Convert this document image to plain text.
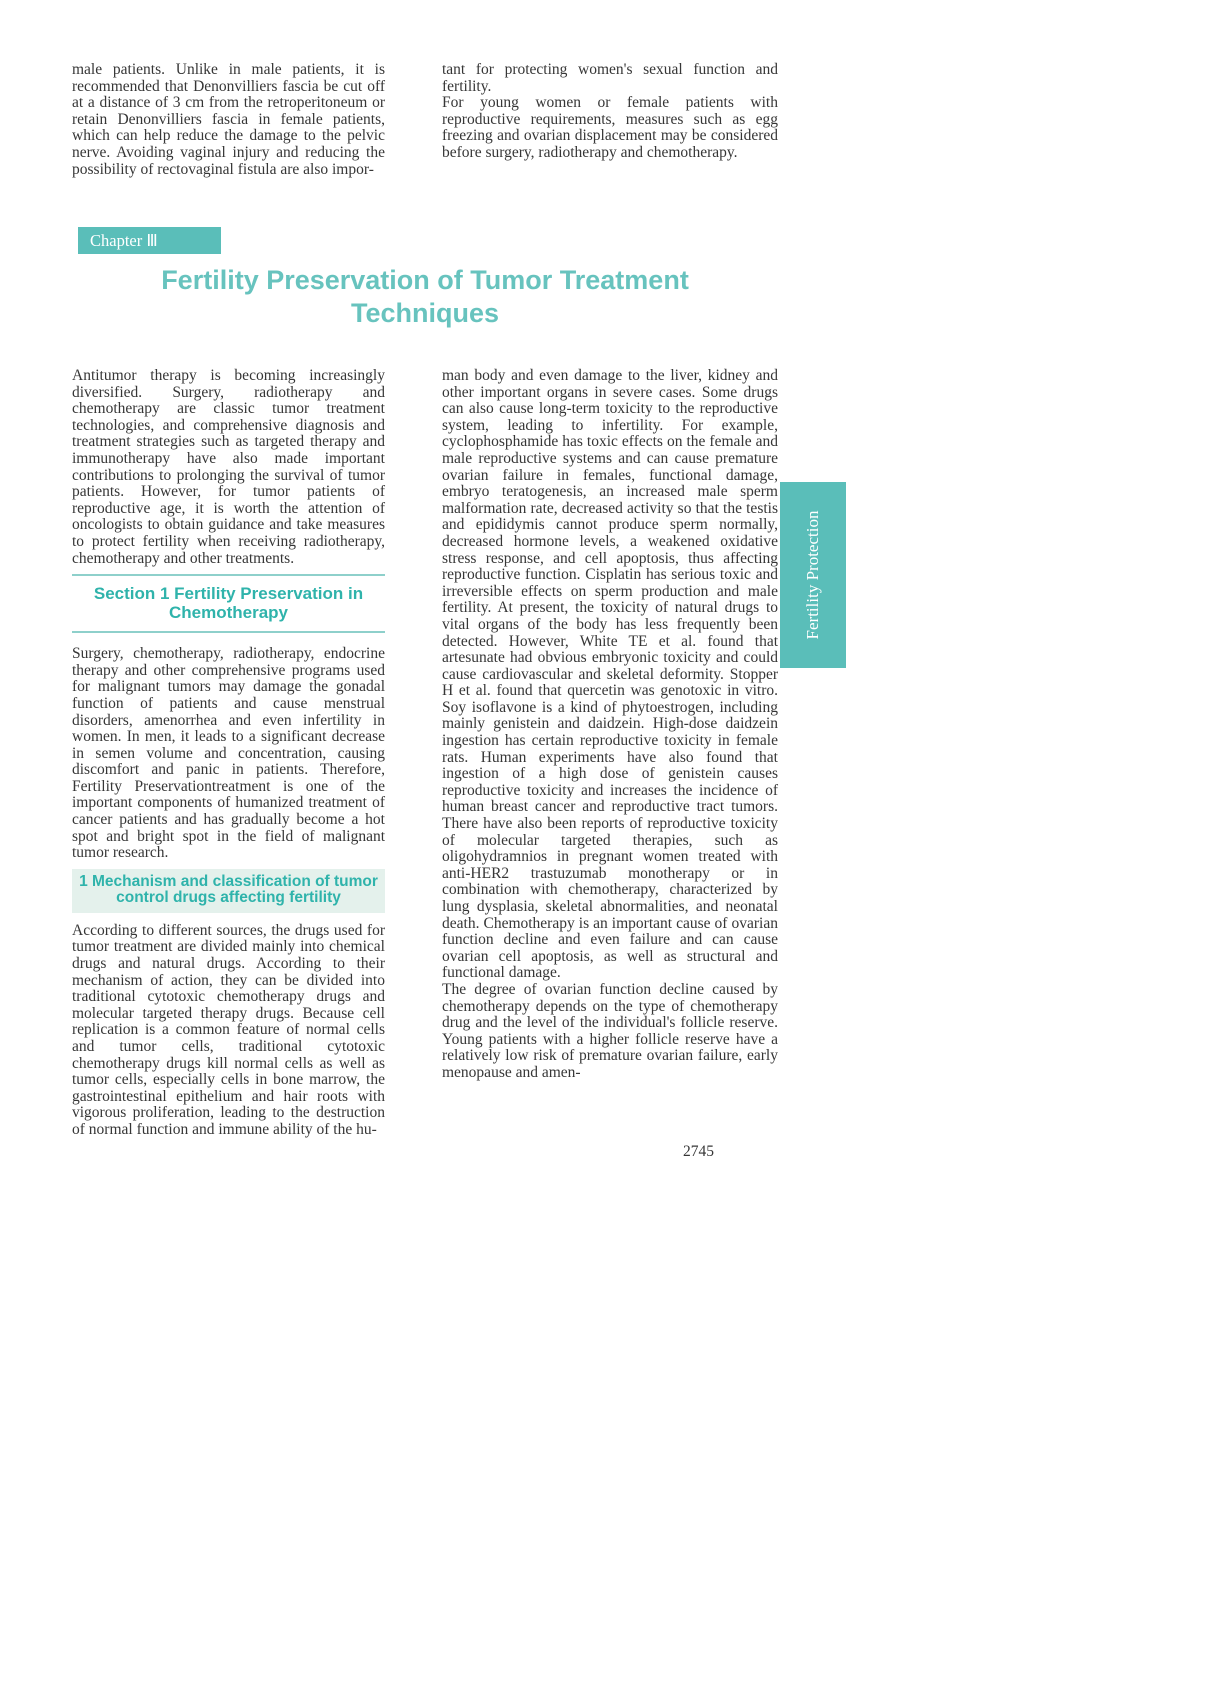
male patients. Unlike in male patients, it is recommended that Denonvilliers fascia be cut off at a distance of 3 cm from the retroperitoneum or retain Denonvilliers fascia in female patients, which can help reduce the damage to the pelvic nerve. Avoiding vaginal injury and reducing the possibility of rectovaginal fistula are also impor-

tant for protecting women's sexual function and fertility.

For young women or female patients with reproductive requirements, measures such as egg freezing and ovarian displacement may be considered before surgery, radiotherapy and chemotherapy.

Chapter Ⅲ
Fertility Preservation of Tumor Treatment
Techniques

Antitumor therapy is becoming increasingly diversified. Surgery, radiotherapy and chemotherapy are classic tumor treatment technologies, and comprehensive diagnosis and treatment strategies such as targeted therapy and immunotherapy have also made important contributions to prolonging the survival of tumor patients. However, for tumor patients of reproductive age, it is worth the attention of oncologists to obtain guidance and take measures to protect fertility when receiving radiotherapy, chemotherapy and other treatments.

Section 1 Fertility Preservation in
Chemotherapy

Surgery, chemotherapy, radiotherapy, endocrine therapy and other comprehensive programs used for malignant tumors may damage the gonadal function of patients and cause menstrual disorders, amenorrhea and even infertility in women. In men, it leads to a significant decrease in semen volume and concentration, causing discomfort and panic in patients. Therefore, Fertility Preservationtreatment is one of the important components of humanized treatment of cancer patients and has gradually become a hot spot and bright spot in the field of malignant tumor research.

1 Mechanism and classification of tumor
control drugs affecting fertility

According to different sources, the drugs used for tumor treatment are divided mainly into chemical drugs and natural drugs. According to their mechanism of action, they can be divided into traditional cytotoxic chemotherapy drugs and molecular targeted therapy drugs. Because cell replication is a common feature of normal cells and tumor cells, traditional cytotoxic chemotherapy drugs kill normal cells as well as tumor cells, especially cells in bone marrow, the gastrointestinal epithelium and hair roots with vigorous proliferation, leading to the destruction of normal function and immune ability of the hu-

man body and even damage to the liver, kidney and other important organs in severe cases. Some drugs can also cause long-term toxicity to the reproductive system, leading to infertility. For example, cyclophosphamide has toxic effects on the female and male reproductive systems and can cause premature ovarian failure in females, functional damage, embryo teratogenesis, an increased male sperm malformation rate, decreased activity so that the testis and epididymis cannot produce sperm normally, decreased hormone levels, a weakened oxidative stress response, and cell apoptosis, thus affecting reproductive function. Cisplatin has serious toxic and irreversible effects on sperm production and male fertility. At present, the toxicity of natural drugs to vital organs of the body has less frequently been detected. However, White TE et al. found that artesunate had obvious embryonic toxicity and could cause cardiovascular and skeletal deformity. Stopper H et al. found that quercetin was genotoxic in vitro. Soy isoflavone is a kind of phytoestrogen, including mainly genistein and daidzein. High-dose daidzein ingestion has certain reproductive toxicity in female rats. Human experiments have also found that ingestion of a high dose of genistein causes reproductive toxicity and increases the incidence of human breast cancer and reproductive tract tumors. There have also been reports of reproductive toxicity of molecular targeted therapies, such as oligohydramnios in pregnant women treated with anti-HER2 trastuzumab monotherapy or in combination with chemotherapy, characterized by lung dysplasia, skeletal abnormalities, and neonatal death. Chemotherapy is an important cause of ovarian function decline and even failure and can cause ovarian cell apoptosis, as well as structural and functional damage.

The degree of ovarian function decline caused by chemotherapy depends on the type of chemotherapy drug and the level of the individual's follicle reserve. Young patients with a higher follicle reserve have a relatively low risk of premature ovarian failure, early menopause and amen-

Fertility Protection
2745
